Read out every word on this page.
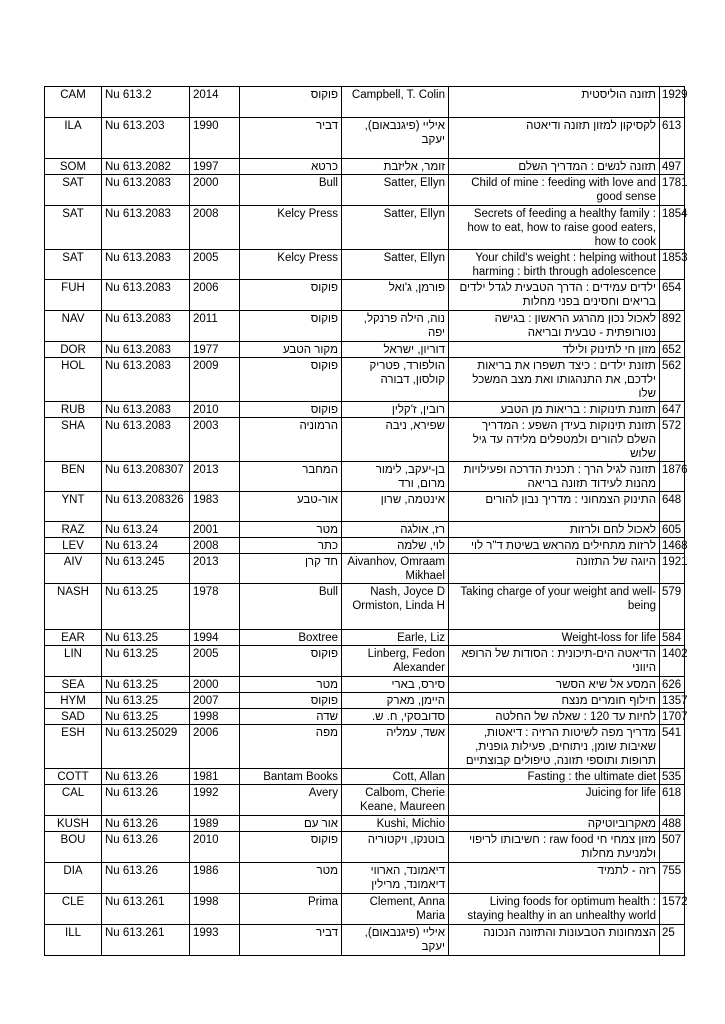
CAM	Nu 613.2	2014	פוקוס	Campbell, T. Colin	תזונה הוליסטית	1929
ILA	Nu 613.203	1990	דביר	איליי (פיגנבאום), יעקב	לקסיקון למזון תזונה ודיאטה	613
SOM	Nu 613.2082	1997	כרטא	זומר, אליזבת	תזונה לנשים : המדריך השלם	497
SAT	Nu 613.2083	2000	Bull	Satter, Ellyn	Child of mine : feeding with love and good sense	1781
SAT	Nu 613.2083	2008	Kelcy Press	Satter, Ellyn	Secrets of feeding a healthy family : how to eat, how to raise good eaters, how to cook	1854
SAT	Nu 613.2083	2005	Kelcy Press	Satter, Ellyn	Your child's weight : helping without harming : birth through adolescence	1853
FUH	Nu 613.2083	2006	פוקוס	פורמן, ג'ואל	ילדים עמידים : הדרך הטבעית לגדל ילדים בריאים וחסינים בפני מחלות	654
NAV	Nu 613.2083	2011	פוקוס	נוה, הילה פרנקל, יפה	לאכול נכון מהרגע הראשון : בגישה נטורופתית - טבעית ובריאה	892
DOR	Nu 613.2083	1977	מקור הטבע	דוריון, ישראל	מזון חי לתינוק ולילד	652
HOL	Nu 613.2083	2009	פוקוס	הולפורד, פטריק קולסון, דבורה	תזונת ילדים : כיצד תשפרו את בריאות ילדכם, את התנהגותו ואת מצב המשכל שלו	562
RUB	Nu 613.2083	2010	פוקוס	רובין, ז'קלין	תזונת תינוקות : בריאות מן הטבע	647
SHA	Nu 613.2083	2003	הרמוניה	שפירא, ניבה	תזונת תינוקות בעידן השפע : המדריך השלם להורים ולמטפלים מלידה עד גיל שלוש	572
BEN	Nu 613.208307	2013	המחבר	בן-יעקב, לימור מרום, ורד	תזונה לגיל הרך : תכנית הדרכה ופעילויות מהנות לעידוד תזונה בריאה	1876
YNT	Nu 613.208326	1983	אור-טבע	אינטמה, שרון	התינוק הצמחוני : מדריך נבון להורים	648
RAZ	Nu 613.24	2001	מטר	רז, אולגה	לאכול לחם ולרזות	605
LEV	Nu 613.24	2008	כתר	לוי, שלמה	לרזות מתחילים מהראש בשיטת ד"ר לוי	1468
AIV	Nu 613.245	2013	חד קרן	Aivanhov, Omraam Mikhael	היוגה של התזונה	1921
NASH	Nu 613.25	1978	Bull	Nash, Joyce D Ormiston, Linda H	Taking charge of your weight and well-being	579
EAR	Nu 613.25	1994	Boxtree	Earle, Liz	Weight-loss for life	584
LIN	Nu 613.25	2005	פוקוס	Linberg, Fedon Alexander	הדיאטה הים-תיכונית : הסודות של הרופא היווני	1402
SEA	Nu 613.25	2000	מטר	סירס, בארי	המסע אל שיא הסשר	626
HYM	Nu 613.25	2007	פוקוס	היימן, מארק	חילוף חומרים מנצח	1357
SAD	Nu 613.25	1998	שדה	סדובסקי, ח. ש.	לחיות עד 120 : שאלה של החלטה	1707
ESH	Nu 613.25029	2006	מפה	אשד, עמליה	מדריך מפה לשיטות הרזיה : דיאטות, שאיבות שומן, ניתוחים, פעילות גופנית, תרופות ותוספי תזונה, טיפולים קבוצתיים	541
COTT	Nu 613.26	1981	Bantam Books	Cott, Allan	Fasting : the ultimate diet	535
CAL	Nu 613.26	1992	Avery	Calbom, Cherie Keane, Maureen	Juicing for life	618
KUSH	Nu 613.26	1989	אור עם	Kushi, Michio	מאקרוביוטיקה	488
BOU	Nu 613.26	2010	פוקוס	בוטנקו, ויקטוריה	מזון צמחי חי raw food : חשיבותו לריפוי ולמניעת מחלות	507
DIA	Nu 613.26	1986	מטר	דיאמונד, הארווי דיאמונד, מרילין	רזה - לתמיד	755
CLE	Nu 613.261	1998	Prima	Clement, Anna Maria	Living foods for optimum health : staying healthy in an unhealthy world	1572
ILL	Nu 613.261	1993	דביר	איליי (פיגנבאום), יעקב	הצמחונות הטבעונות והתזונה הנכונה	25
